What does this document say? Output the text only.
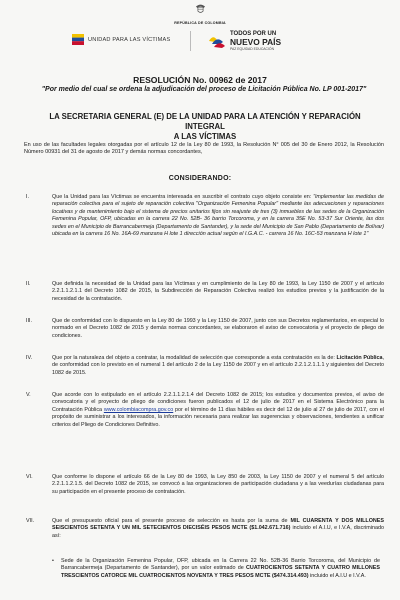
REPÚBLICA DE COLOMBIA
UNIDAD PARA LAS VÍCTIMAS
TODOS POR UN
NUEVO PAÍS
PAZ EQUIDAD EDUCACIÓN
RESOLUCIÓN No. 00962 de 2017
"Por medio del cual se ordena la adjudicación del proceso de Licitación Pública No. LP 001-2017"
LA SECRETARIA GENERAL (E) DE LA UNIDAD PARA LA ATENCIÓN Y REPARACIÓN INTEGRAL
A LAS VÍCTIMAS
En uso de las facultades legales otorgadas por el artículo 12 de la Ley 80 de 1993, la Resolución N° 005 del 30 de Enero 2012, la Resolución Número 00931 del 31 de agosto de 2017 y demás normas concordantes,
CONSIDERANDO:
I.	Que la Unidad para las Víctimas se encuentra interesada en suscribir el contrato cuyo objeto consiste en: "implementar las medidas de reparación colectiva para el sujeto de reparación colectiva "Organización Femenina Popular" mediante las adecuaciones y reparaciones locativas y de mantenimiento bajo el sistema de precios unitarios fijos sin reajuste de tres (3) inmuebles de las sedes de la Organización Femenina Popular, OFP, ubicadas en la carrera 22 No. 52B- 36 barrio Torcoroma, y en la carrera 35E No. 53-37 Sur Oriente, las dos sedes en el Municipio de Barrancabermeja (Departamento de Santander), y la sede del Municipio de San Pablo (Departamento de Bolívar) ubicada en la carrera 16 No. 16A-69 manzana H lote 1 dirección actual según el I.G.A.C. - carrera 16 No. 16C-53 manzana H lote 1"
II.	Que definida la necesidad de la Unidad para las Víctimas y en cumplimiento de la Ley 80 de 1993, la Ley 1150 de 2007 y el artículo 2.2.1.1.2.1.1 del Decreto 1082 de 2015, la Subdirección de Reparación Colectiva realizó los estudios previos y la justificación de la necesidad de la contratación.
III.	Que de conformidad con lo dispuesto en la Ley 80 de 1993 y la Ley 1150 de 2007, junto con sus Decretos reglamentarios, en especial lo normado en el Decreto 1082 de 2015 y demás normas concordantes, se elaboraron el aviso de convocatoria y el proyecto de pliego de condiciones.
IV.	Que por la naturaleza del objeto a contratar, la modalidad de selección que corresponde a esta contratación es la de: Licitación Pública, de conformidad con lo previsto en el numeral 1 del artículo 2 de la Ley 1150 de 2007 y en el artículo 2.2.1.2.1.1.1 y siguientes del Decreto 1082 de 2015.
V.	Que acorde con lo estipulado en el artículo 2.2.1.1.2.1.4 del Decreto 1082 de 2015; los estudios y documentos previos, el aviso de convocatoria y el proyecto de pliego de condiciones fueron publicados el 12 de julio de 2017 en el Sistema Electrónico para la Contratación Pública www.colombiacompra.gov.co por el término de 11 días hábiles es decir del 12 de julio al 27 de julio de 2017, con el propósito de suministrar a los interesados, la información necesaria para realizar las sugerencias y observaciones, tendientes a unificar criterios del Pliego de Condiciones Definitivo.
VI.	Que conforme lo dispone el artículo 66 de la Ley 80 de 1993, la Ley 850 de 2003, la Ley 1150 de 2007 y el numeral 5 del artículo 2.2.1.1.2.1.5. del Decreto 1082 de 2015, se convocó a las organizaciones de participación ciudadana y a las veedurías ciudadanas para su participación en el presente proceso de contratación.
VII.	Que el presupuesto oficial para el presente proceso de selección es hasta por la suma de MIL CUARENTA Y DOS MILLONES SEISCIENTOS SETENTA Y UN MIL SETECIENTOS DIECISÉIS PESOS MCTE ($1.042.671.716) incluido el A.I.U, e I.V.A, discriminado así:
• Sede de la Organización Femenina Popular, OFP, ubicada en la Carrera 22 No. 52B-36 Barrio Torcoroma, del Municipio de Barrancabermeja (Departamento de Santander), por un valor estimado de CUATROCIENTOS SETENTA Y CUATRO MILLONES TRESCIENTOS CATORCE MIL CUATROCIENTOS NOVENTA Y TRES PESOS MCTE ($474.314.493) incluido el A.I.U e I.V.A.
